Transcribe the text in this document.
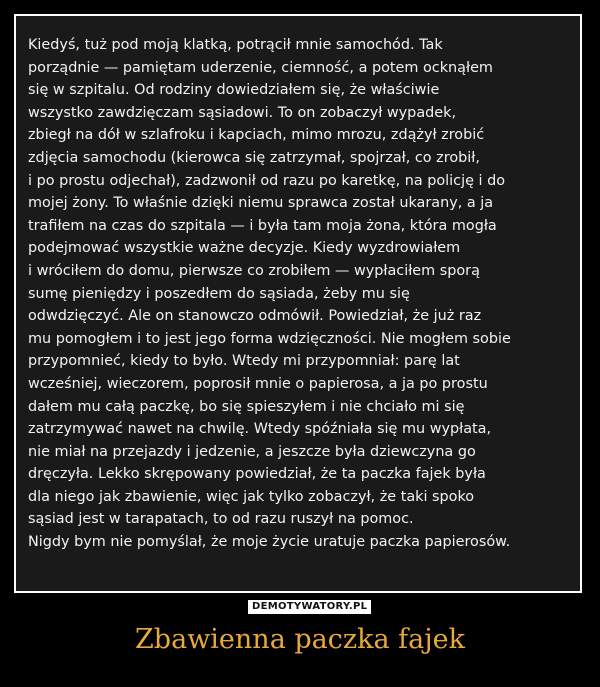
Kiedyś, tuż pod moją klatką, potrącił mnie samochód. Tak
porządnie — pamiętam uderzenie, ciemność, a potem ocknąłem
się w szpitalu. Od rodziny dowiedziałem się, że właściwie
wszystko zawdzięczam sąsiadowi. To on zobaczył wypadek,
zbiegł na dół w szlafroku i kapciach, mimo mrozu, zdążył zrobić
zdjęcia samochodu (kierowca się zatrzymał, spojrzał, co zrobił,
i po prostu odjechał), zadzwonił od razu po karetkę, na policję i do
mojej żony. To właśnie dzięki niemu sprawca został ukarany, a ja
trafiłem na czas do szpitala — i była tam moja żona, która mogła
podejmować wszystkie ważne decyzje. Kiedy wyzdrowiałem
i wróciłem do domu, pierwsze co zrobiłem — wypłaciłem sporą
sumę pieniędzy i poszedłem do sąsiada, żeby mu się
odwdzięczyć. Ale on stanowczo odmówił. Powiedział, że już raz
mu pomogłem i to jest jego forma wdzięczności. Nie mogłem sobie
przypomnieć, kiedy to było. Wtedy mi przypomniał: parę lat
wcześniej, wieczorem, poprosił mnie o papierosa, a ja po prostu
dałem mu całą paczkę, bo się spieszyłem i nie chciało mi się
zatrzymywać nawet na chwilę. Wtedy spóźniała się mu wypłata,
nie miał na przejazdy i jedzenie, a jeszcze była dziewczyna go
dręczyła. Lekko skrępowany powiedział, że ta paczka fajek była
dla niego jak zbawienie, więc jak tylko zobaczył, że taki spoko
sąsiad jest w tarapatach, to od razu ruszył na pomoc.
Nigdy bym nie pomyślał, że moje życie uratuje paczka papierosów.
DEMOTYWATORY.PL
Zbawienna paczka fajek
